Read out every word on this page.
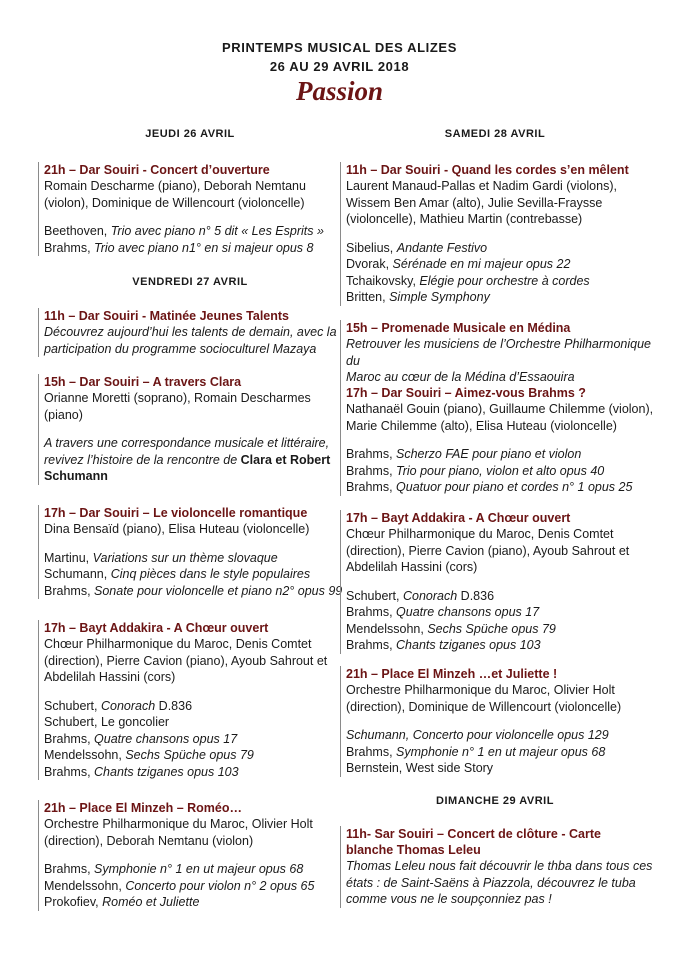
PRINTEMPS MUSICAL DES ALIZES
26 AU 29 AVRIL 2018
Passion
JEUDI 26 AVRIL
21h – Dar Souiri - Concert d’ouverture
Romain Descharme (piano), Deborah Nemtanu
(violon), Dominique de Willencourt (violoncelle)
Beethoven, Trio avec piano n° 5 dit « Les Esprits »
Brahms, Trio avec piano n1° en si majeur opus 8
VENDREDI 27 AVRIL
11h – Dar Souiri - Matinée Jeunes Talents
Découvrez aujourd’hui les talents de demain, avec la
participation du programme socioculturel Mazaya
15h – Dar Souiri – A travers Clara
Orianne Moretti (soprano), Romain Descharmes
(piano)
A travers une correspondance musicale et littéraire,
revivez l’histoire de la rencontre de Clara et Robert
Schumann
17h – Dar Souiri – Le violoncelle romantique
Dina Bensaïd (piano), Elisa Huteau (violoncelle)
Martinu, Variations sur un thème slovaque
Schumann, Cinq pièces dans le style populaires
Brahms, Sonate pour violoncelle et piano n2° opus 99
17h – Bayt Addakira - A Chœur ouvert
Chœur Philharmonique du Maroc, Denis Comtet
(direction), Pierre Cavion (piano), Ayoub Sahrout et
Abdelilah Hassini (cors)
Schubert, Conorach D.836
Schubert, Le goncolier
Brahms, Quatre chansons opus 17
Mendelssohn, Sechs Spüche opus 79
Brahms, Chants tziganes opus 103
21h – Place El Minzeh – Roméo…
Orchestre Philharmonique du Maroc, Olivier Holt
(direction), Deborah Nemtanu (violon)
Brahms, Symphonie n° 1 en ut majeur opus 68
Mendelssohn, Concerto pour violon n° 2 opus 65
Prokofiev, Roméo et Juliette
SAMEDI 28 AVRIL
11h – Dar Souiri - Quand les cordes s’en mêlent
Laurent Manaud-Pallas et Nadim Gardi (violons),
Wissem Ben Amar (alto), Julie Sevilla-Fraysse
(violoncelle), Mathieu Martin (contrebasse)
Sibelius, Andante Festivo
Dvorak, Sérénade en mi majeur opus 22
Tchaikovsky, Elégie pour orchestre à cordes
Britten, Simple Symphony
15h – Promenade Musicale en Médina
Retrouver les musiciens de l’Orchestre Philharmonique du
Maroc au cœur de la Médina d’Essaouira
17h – Dar Souiri – Aimez-vous Brahms ?
Nathanaël Gouin (piano), Guillaume Chilemme (violon),
Marie Chilemme (alto), Elisa Huteau (violoncelle)
Brahms, Scherzo FAE pour piano et violon
Brahms, Trio pour piano, violon et alto opus 40
Brahms, Quatuor pour piano et cordes n° 1 opus 25
17h – Bayt Addakira - A Chœur ouvert
Chœur Philharmonique du Maroc, Denis Comtet
(direction), Pierre Cavion (piano), Ayoub Sahrout et
Abdelilah Hassini (cors)
Schubert, Conorach D.836
Brahms, Quatre chansons opus 17
Mendelssohn, Sechs Spüche opus 79
Brahms, Chants tziganes opus 103
21h – Place El Minzeh …et Juliette !
Orchestre Philharmonique du Maroc, Olivier Holt
(direction), Dominique de Willencourt (violoncelle)
Schumann, Concerto pour violoncelle opus 129
Brahms, Symphonie n° 1 en ut majeur opus 68
Bernstein, West side Story
DIMANCHE 29 AVRIL
11h- Sar Souiri – Concert de clôture - Carte
blanche Thomas Leleu
Thomas Leleu nous fait découvrir le thba dans tous ces
états : de Saint-Saëns à Piazzola, découvrez le tuba
comme vous ne le soupçonniez pas !
